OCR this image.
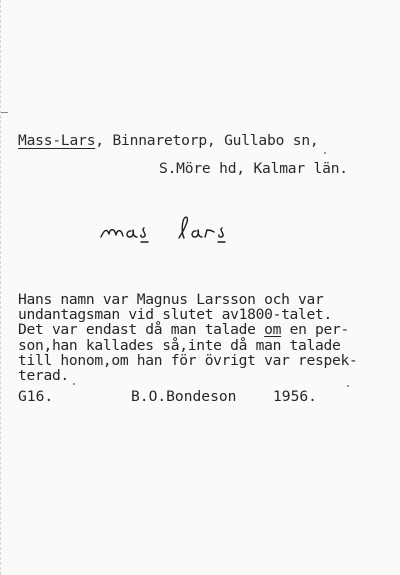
Mass-Lars, Binnaretorp, Gullabo sn,
S.Möre hd, Kalmar län.
Hans namn var Magnus Larsson och var
undantagsman vid slutet av1800-talet.
Det var endast då man talade om en per-
son,han kallades så,inte då man talade
till honom,om han för övrigt var respek-
terad.
G16.	B.O.Bondeson	1956.
